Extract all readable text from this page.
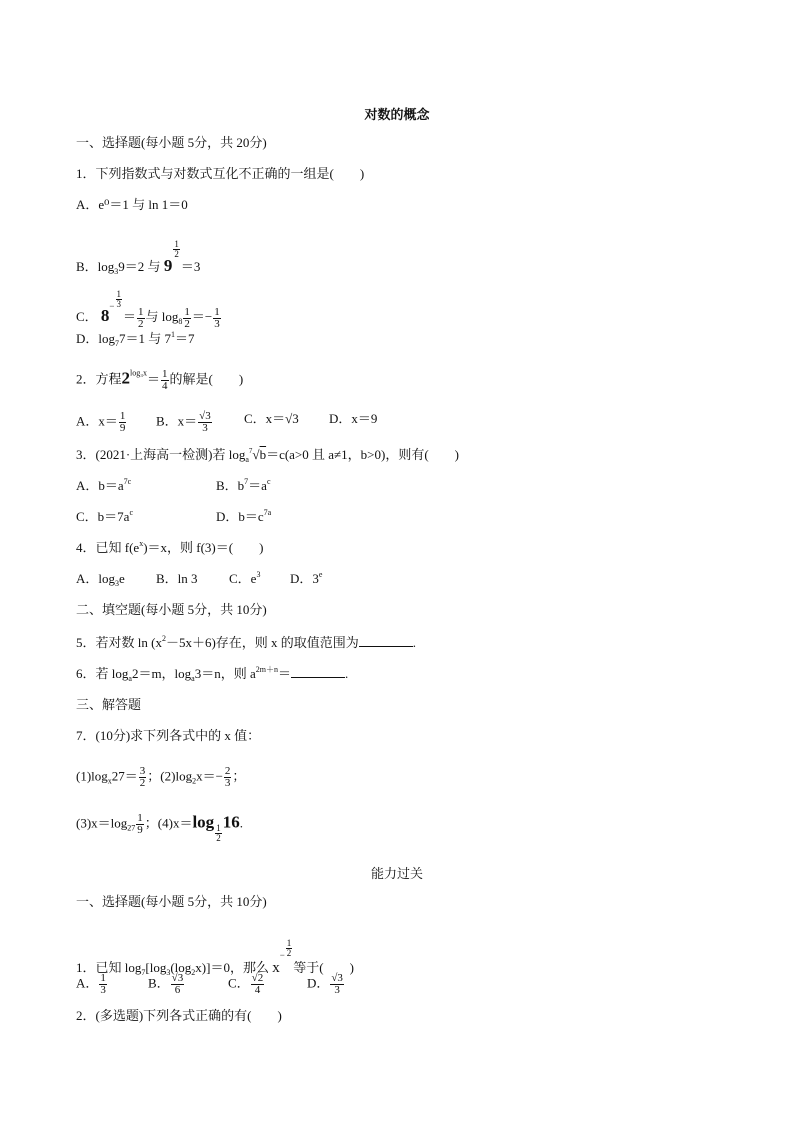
对数的概念
一、选择题(每小题 5分，共 20分)
1．下列指数式与对数式互化不正确的一组是(　　)
A．e⁰＝1 与 ln 1＝0
B．$\log_39=2$ 与 9
$\frac{1}{2}$
＝3
C． $8- \frac{1}{3}$
＝ $\frac{1}{2}$ 与 $\log_8 \frac{1}{2} =- \frac{1}{3}$
D．$\log_77=1$ 与 $7^1=7$
2．方程$2^{log_3x}= \frac{1}{4}$ 的解是(　　)
A．$x= \frac{1}{9}$ B．$x= \frac{√3}{3}$ C．x＝√3 D．x＝9
3．(2021·上海高一检测)若 $\log_a^7√b=c(a>0$ 且 a≠1，b>0)，则有(　　)
A．$b=a^{7c}$	B．$b^7=a^c$
C．$b=7a^c$	D．$b=c^{7a}$
4．已知 $f(e^x)=x$，则 f(3)＝(　　)
A．$\log_3e$ B．ln 3 C．$e^3$ D．3e
二、填空题(每小题 5分，共 10分)
5．若对数 $\ln (x^2-5x+6)$存在，则 x 的取值范围为	.
6．若 $\log_a2=m$，$\log_a3=n$，则 $a^{2m+n}=$	.
三、解答题
7．(10分)求下列各式中的 x 值：
$(1)\log_x27= \frac{3}{2}$ ；$(2)\log_2x=- \frac{2}{3}$ ；
$(3)x=\log_{27} \frac{1}{9}$ ；(4)x＝log
$\frac{1}{2}$
16.
能力过关
一、选择题(每小题 5分，共 10分)
1．已知 $\log_7[\log_3(\log_2x)]=0$，那么 $x- \frac{1}{2}$
等于(　　)
A． $\frac{1}{3}$	B． $\frac{√3}{6}$	C． $\frac{√2}{4}$	D． $\frac{√3}{3}$
2．(多选题)下列各式正确的有(　　)
